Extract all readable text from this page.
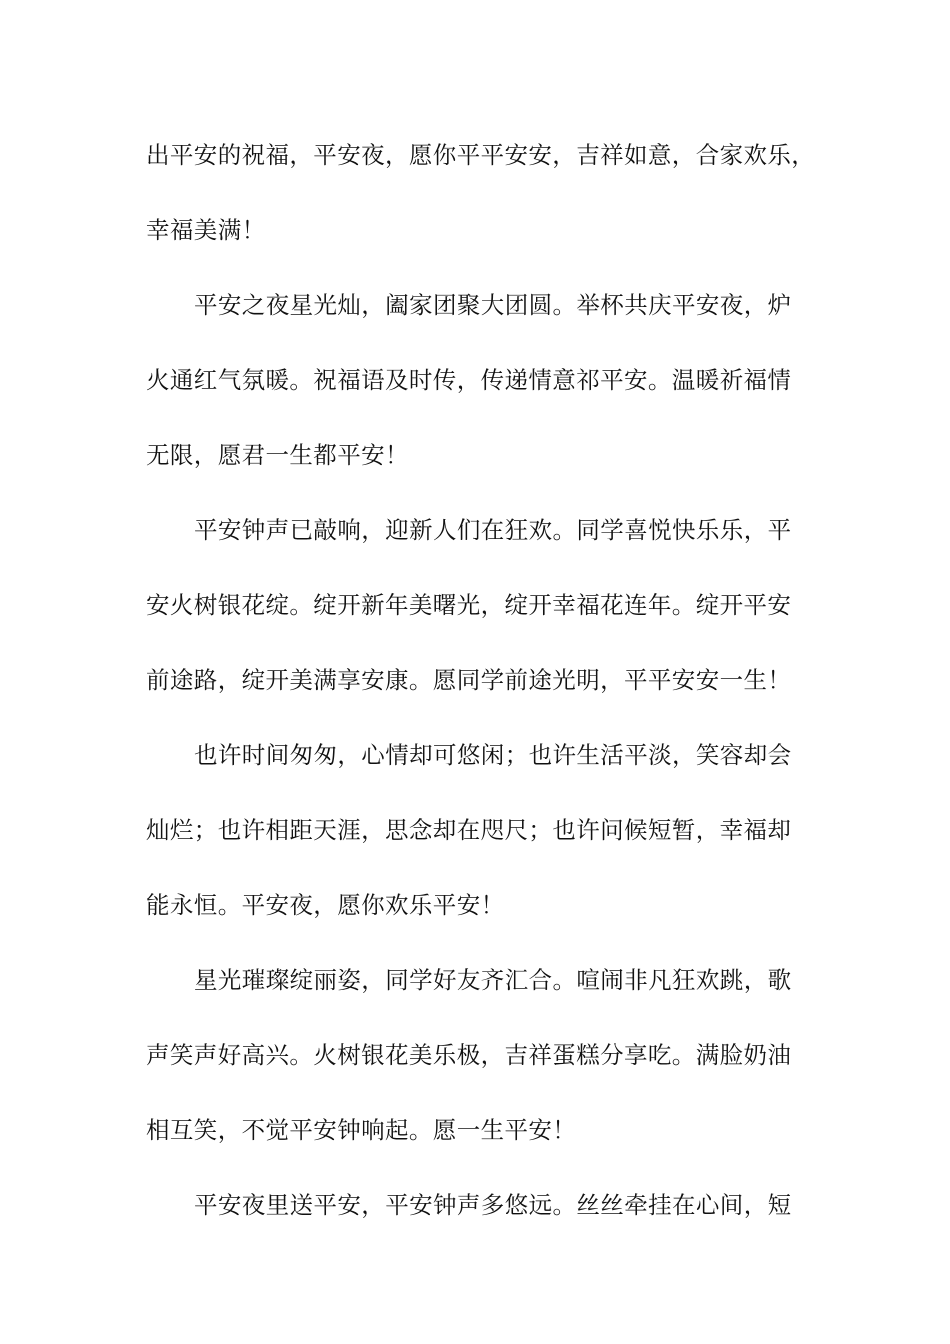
出平安的祝福，平安夜，愿你平平安安，吉祥如意，合家欢乐，
幸福美满！
平安之夜星光灿，阖家团聚大团圆。举杯共庆平安夜，炉
火通红气氛暖。祝福语及时传，传递情意祁平安。温暖祈福情
无限，愿君一生都平安！
平安钟声已敲响，迎新人们在狂欢。同学喜悦快乐乐，平
安火树银花绽。绽开新年美曙光，绽开幸福花连年。绽开平安
前途路，绽开美满享安康。愿同学前途光明，平平安安一生！
也许时间匆匆，心情却可悠闲；也许生活平淡，笑容却会
灿烂；也许相距天涯，思念却在咫尺；也许问候短暂，幸福却
能永恒。平安夜，愿你欢乐平安！
星光璀璨绽丽姿，同学好友齐汇合。喧闹非凡狂欢跳，歌
声笑声好高兴。火树银花美乐极，吉祥蛋糕分享吃。满脸奶油
相互笑，不觉平安钟响起。愿一生平安！
平安夜里送平安，平安钟声多悠远。丝丝牵挂在心间，短
